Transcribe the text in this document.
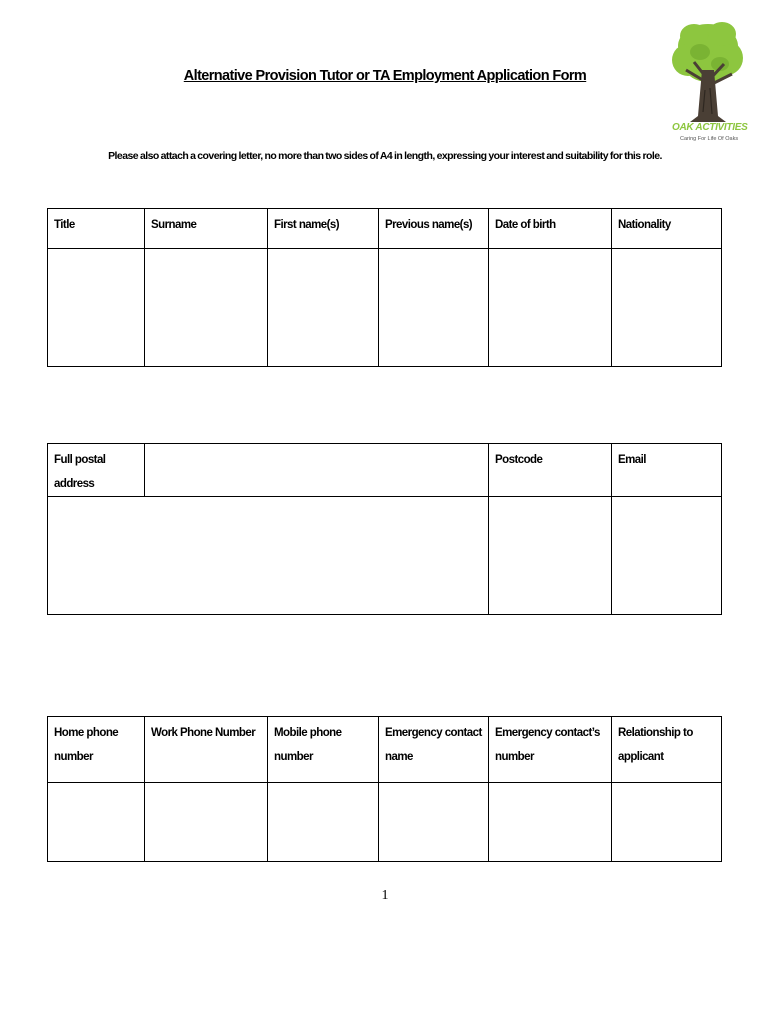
OAK ACTIVITIES
Caring For Life Of Oaks
Alternative Provision Tutor or TA Employment Application Form
Please also attach a covering letter, no more than two sides of A4 in length, expressing your interest and suitability for this role.
Title	Surname	First name(s)	Previous name(s)	Date of birth	Nationality

Full postal address		Postcode	Email

Home phone number	Work Phone Number	Mobile phone number	Emergency contact name	Emergency contact’s number	Relationship to applicant

1
